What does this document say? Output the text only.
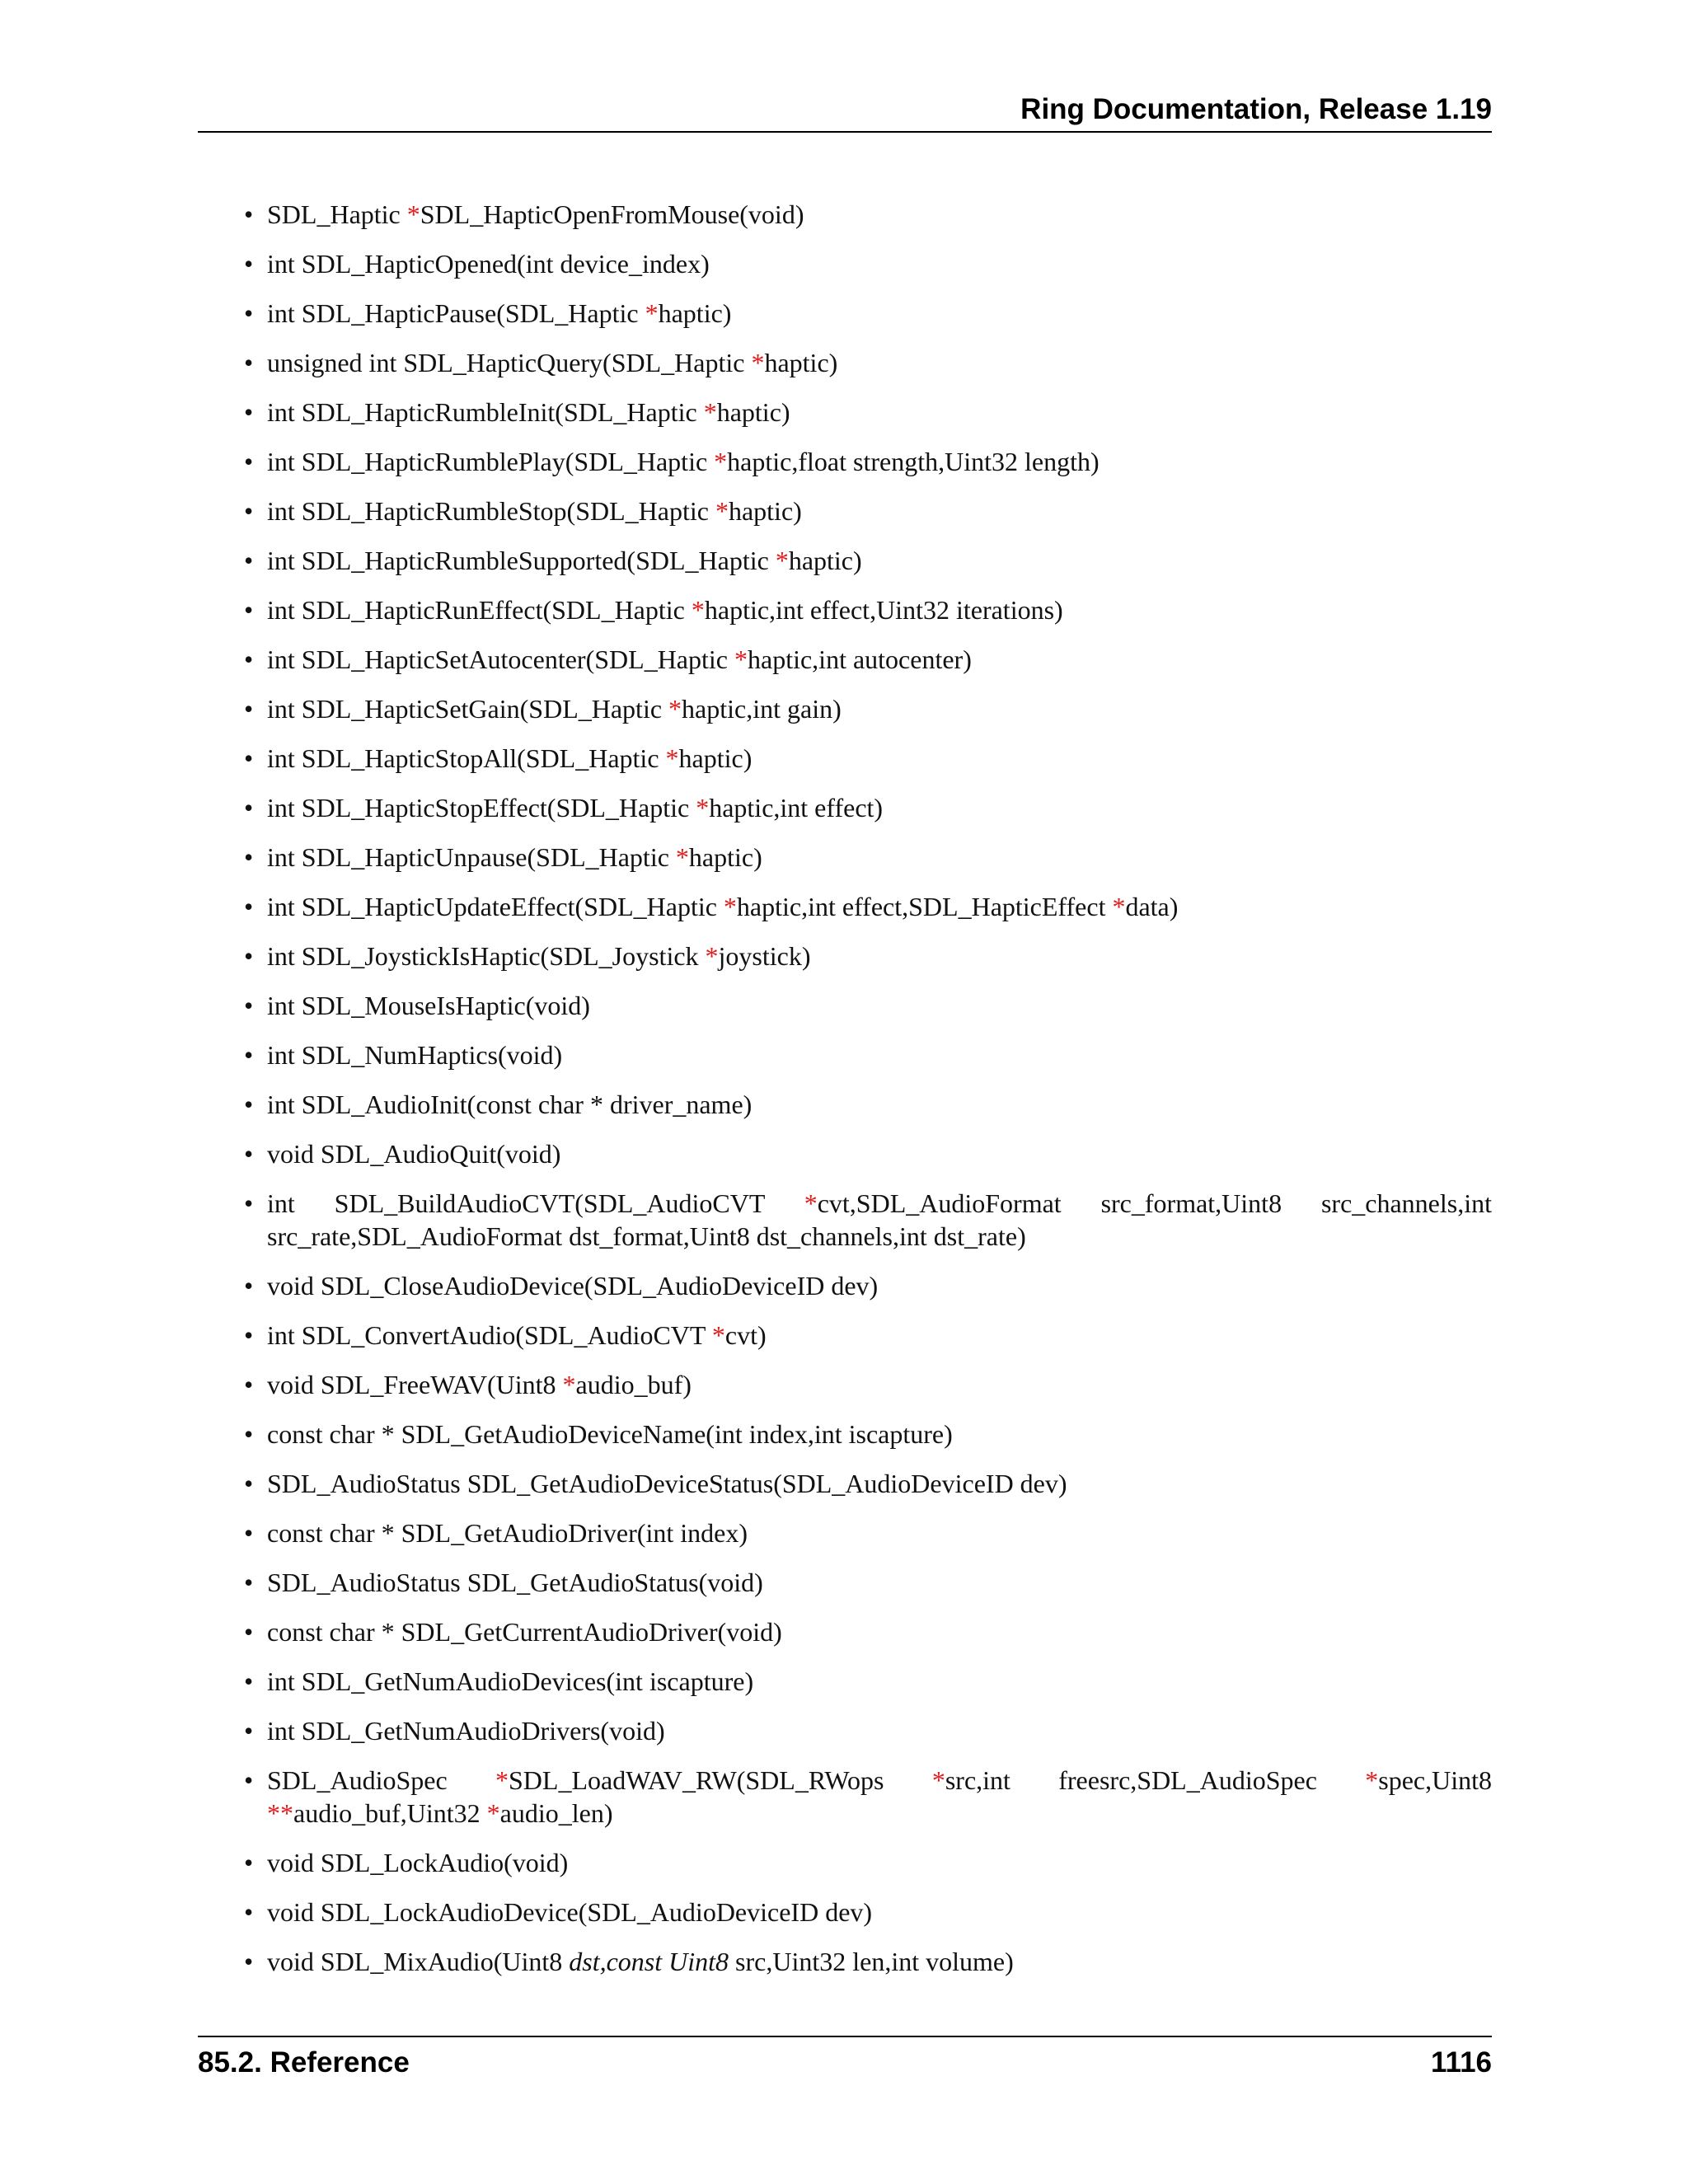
Ring Documentation, Release 1.19
• SDL_Haptic *SDL_HapticOpenFromMouse(void)
• int SDL_HapticOpened(int device_index)
• int SDL_HapticPause(SDL_Haptic *haptic)
• unsigned int SDL_HapticQuery(SDL_Haptic *haptic)
• int SDL_HapticRumbleInit(SDL_Haptic *haptic)
• int SDL_HapticRumblePlay(SDL_Haptic *haptic,float strength,Uint32 length)
• int SDL_HapticRumbleStop(SDL_Haptic *haptic)
• int SDL_HapticRumbleSupported(SDL_Haptic *haptic)
• int SDL_HapticRunEffect(SDL_Haptic *haptic,int effect,Uint32 iterations)
• int SDL_HapticSetAutocenter(SDL_Haptic *haptic,int autocenter)
• int SDL_HapticSetGain(SDL_Haptic *haptic,int gain)
• int SDL_HapticStopAll(SDL_Haptic *haptic)
• int SDL_HapticStopEffect(SDL_Haptic *haptic,int effect)
• int SDL_HapticUnpause(SDL_Haptic *haptic)
• int SDL_HapticUpdateEffect(SDL_Haptic *haptic,int effect,SDL_HapticEffect *data)
• int SDL_JoystickIsHaptic(SDL_Joystick *joystick)
• int SDL_MouseIsHaptic(void)
• int SDL_NumHaptics(void)
• int SDL_AudioInit(const char * driver_name)
• void SDL_AudioQuit(void)
• int SDL_BuildAudioCVT(SDL_AudioCVT *cvt,SDL_AudioFormat src_format,Uint8 src_channels,int src_rate,SDL_AudioFormat dst_format,Uint8 dst_channels,int dst_rate)
• void SDL_CloseAudioDevice(SDL_AudioDeviceID dev)
• int SDL_ConvertAudio(SDL_AudioCVT *cvt)
• void SDL_FreeWAV(Uint8 *audio_buf)
• const char * SDL_GetAudioDeviceName(int index,int iscapture)
• SDL_AudioStatus SDL_GetAudioDeviceStatus(SDL_AudioDeviceID dev)
• const char * SDL_GetAudioDriver(int index)
• SDL_AudioStatus SDL_GetAudioStatus(void)
• const char * SDL_GetCurrentAudioDriver(void)
• int SDL_GetNumAudioDevices(int iscapture)
• int SDL_GetNumAudioDrivers(void)
• SDL_AudioSpec *SDL_LoadWAV_RW(SDL_RWops *src,int freesrc,SDL_AudioSpec *spec,Uint8 **audio_buf,Uint32 *audio_len)
• void SDL_LockAudio(void)
• void SDL_LockAudioDevice(SDL_AudioDeviceID dev)
• void SDL_MixAudio(Uint8 dst,const Uint8 src,Uint32 len,int volume)
85.2. Reference	1116
